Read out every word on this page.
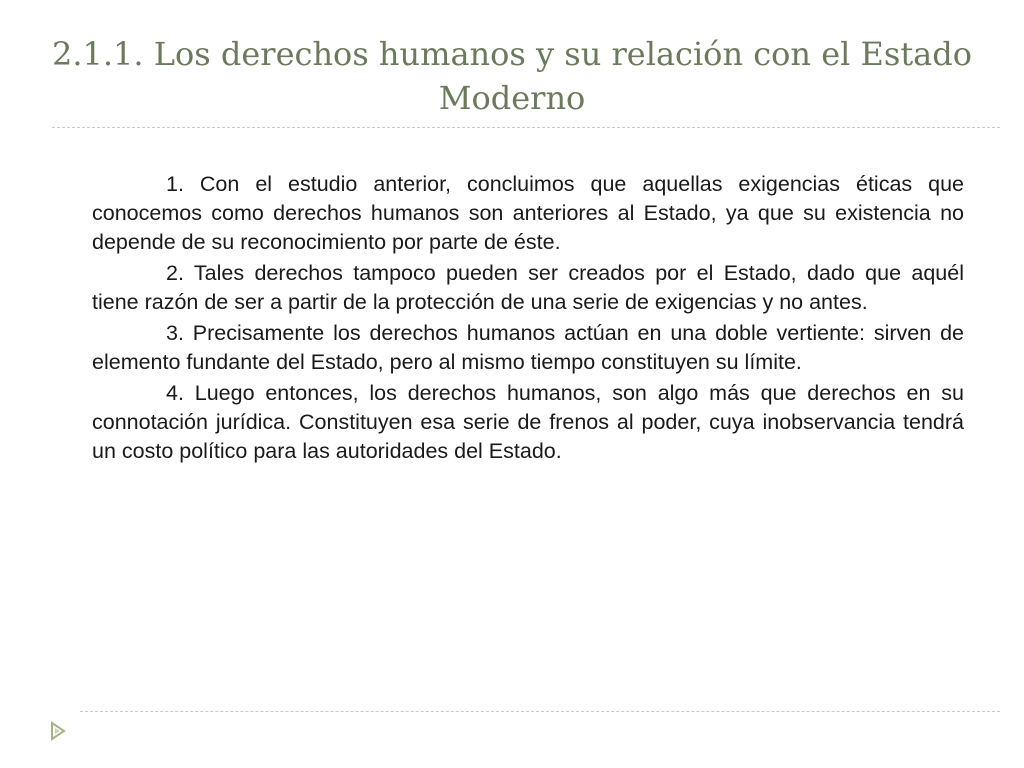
2.1.1. Los derechos humanos y su relación con el Estado Moderno

1. Con el estudio anterior, concluimos que aquellas exigencias éticas que conocemos como derechos humanos son anteriores al Estado, ya que su existencia no depende de su reconocimiento por parte de éste.

2. Tales derechos tampoco pueden ser creados por el Estado, dado que aquél tiene razón de ser a partir de la protección de una serie de exigencias y no antes.

3. Precisamente los derechos humanos actúan en una doble vertiente: sirven de elemento fundante del Estado, pero al mismo tiempo constituyen su límite.

4. Luego entonces, los derechos humanos, son algo más que derechos en su connotación jurídica. Constituyen esa serie de frenos al poder, cuya inobservancia tendrá un costo político para las autoridades del Estado.
